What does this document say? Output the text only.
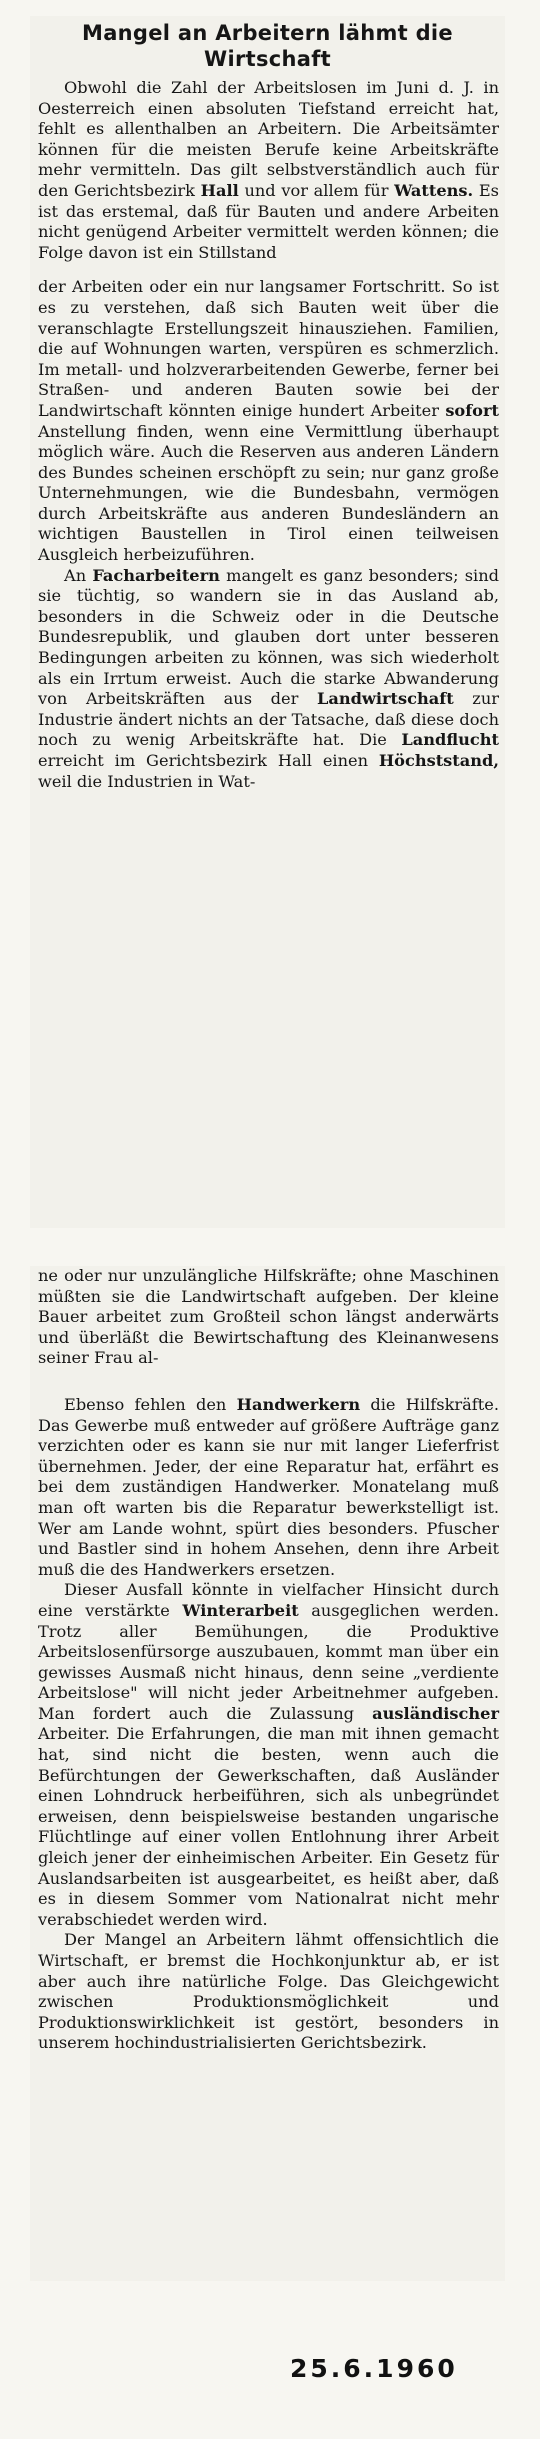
Mangel an Arbeitern lähmt die
Wirtschaft

Obwohl die Zahl der Arbeitslosen im Juni d. J. in Oesterreich einen absoluten Tiefstand erreicht hat, fehlt es allenthalben an Arbeitern. Die Arbeitsämter können für die meisten Berufe keine Arbeitskräfte mehr vermitteln. Das gilt selbstverständlich auch für den Gerichtsbezirk Hall und vor allem für Wattens. Es ist das erstemal, daß für Bauten und andere Arbeiten nicht genügend Arbeiter vermittelt werden können; die Folge davon ist ein Stillstand

der Arbeiten oder ein nur langsamer Fortschritt. So ist es zu verstehen, daß sich Bauten weit über die veranschlagte Erstellungszeit hinausziehen. Familien, die auf Wohnungen warten, verspüren es schmerzlich. Im metall- und holzverarbeitenden Gewerbe, ferner bei Straßen- und anderen Bauten sowie bei der Landwirtschaft könnten einige hundert Arbeiter sofort Anstellung finden, wenn eine Vermittlung überhaupt möglich wäre. Auch die Reserven aus anderen Ländern des Bundes scheinen erschöpft zu sein; nur ganz große Unternehmungen, wie die Bundesbahn, vermögen durch Arbeitskräfte aus anderen Bundesländern an wichtigen Baustellen in Tirol einen teilweisen Ausgleich herbeizuführen.

An Facharbeitern mangelt es ganz besonders; sind sie tüchtig, so wandern sie in das Ausland ab, besonders in die Schweiz oder in die Deutsche Bundesrepublik, und glauben dort unter besseren Bedingungen arbeiten zu können, was sich wiederholt als ein Irrtum erweist. Auch die starke Abwanderung von Arbeitskräften aus der Landwirtschaft zur Industrie ändert nichts an der Tatsache, daß diese doch noch zu wenig Arbeitskräfte hat. Die Landflucht erreicht im Gerichtsbezirk Hall einen Höchststand, weil die Industrien in Wat-

ne oder nur unzulängliche Hilfskräfte; ohne Maschinen müßten sie die Landwirtschaft aufgeben. Der kleine Bauer arbeitet zum Großteil schon längst anderwärts und überläßt die Bewirtschaftung des Kleinanwesens seiner Frau al-

Ebenso fehlen den Handwerkern die Hilfskräfte. Das Gewerbe muß entweder auf größere Aufträge ganz verzichten oder es kann sie nur mit langer Lieferfrist übernehmen. Jeder, der eine Reparatur hat, erfährt es bei dem zuständigen Handwerker. Monatelang muß man oft warten bis die Reparatur bewerkstelligt ist. Wer am Lande wohnt, spürt dies besonders. Pfuscher und Bastler sind in hohem Ansehen, denn ihre Arbeit muß die des Handwerkers ersetzen.

Dieser Ausfall könnte in vielfacher Hinsicht durch eine verstärkte Winterarbeit ausgeglichen werden. Trotz aller Bemühungen, die Produktive Arbeitslosenfürsorge auszubauen, kommt man über ein gewisses Ausmaß nicht hinaus, denn seine „verdiente Arbeitslose" will nicht jeder Arbeitnehmer aufgeben. Man fordert auch die Zulassung ausländischer Arbeiter. Die Erfahrungen, die man mit ihnen gemacht hat, sind nicht die besten, wenn auch die Befürchtungen der Gewerkschaften, daß Ausländer einen Lohndruck herbeiführen, sich als unbegründet erweisen, denn beispielsweise bestanden ungarische Flüchtlinge auf einer vollen Entlohnung ihrer Arbeit gleich jener der einheimischen Arbeiter. Ein Gesetz für Auslandsarbeiten ist ausgearbeitet, es heißt aber, daß es in diesem Sommer vom Nationalrat nicht mehr verabschiedet werden wird.

Der Mangel an Arbeitern lähmt offensichtlich die Wirtschaft, er bremst die Hochkonjunktur ab, er ist aber auch ihre natürliche Folge. Das Gleichgewicht zwischen Produktionsmöglichkeit und Produktionswirklichkeit ist gestört, besonders in unserem hochindustrialisierten Gerichtsbezirk.

25.6.1960
